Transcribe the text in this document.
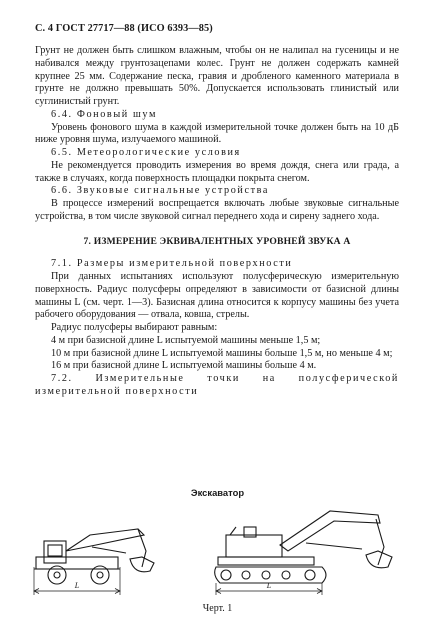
С. 4 ГОСТ 27717—88 (ИСО 6393—85)

Грунт не должен быть слишком влажным, чтобы он не налипал на гусеницы и не набивался между грунтозацепами колес. Грунт не должен содержать камней крупнее 25 мм. Содержание песка, гравия и дробленого каменного материала в грунте не должно превышать 50%. Допускается использовать глинистый или суглинистый грунт.

6.4. Фоновый шум

Уровень фонового шума в каждой измерительной точке должен быть на 10 дБ ниже уровня шума, излучаемого машиной.

6.5. Метеорологические условия

Не рекомендуется проводить измерения во время дождя, снега или града, а также в случаях, когда поверхность площадки покрыта снегом.

6.6. Звуковые сигнальные устройства

В процессе измерений воспрещается включать любые звуковые сигнальные устройства, в том числе звуковой сигнал переднего хода и сирену заднего хода.

7. ИЗМЕРЕНИЕ ЭКВИВАЛЕНТНЫХ УРОВНЕЙ ЗВУКА A

7.1. Размеры измерительной поверхности

При данных испытаниях используют полусферическую измерительную поверхность. Радиус полусферы определяют в зависимости от базисной длины машины L (см. черт. 1—3). Базисная длина относится к корпусу машины без учета рабочего оборудования — отвала, ковша, стрелы.

Радиус полусферы выбирают равным:

4 м при базисной длине L испытуемой машины меньше 1,5 м;

10 м при базисной длине L испытуемой машины больше 1,5 м, но меньше 4 м;

16 м при базисной длине L испытуемой машины больше 4 м.

7.2. Измерительные точки на полусферической измерительной поверхности

Экскаватор
L	L
Черт. 1
